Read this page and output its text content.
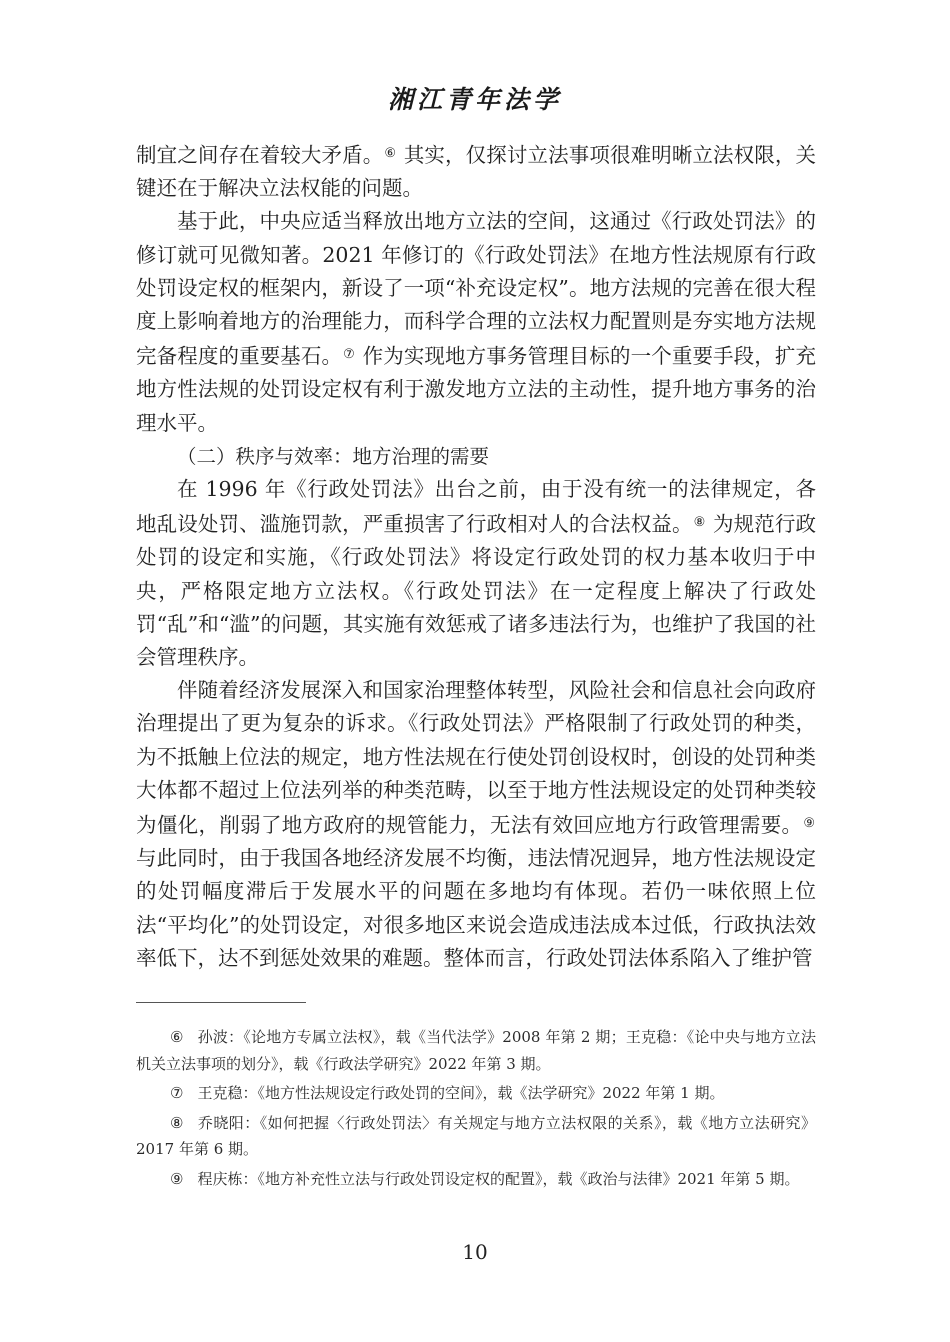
湘江青年法学

制宜之间存在着较大矛盾。⑥ 其实，仅探讨立法事项很难明晰立法权限，关键还在于解决立法权能的问题。

基于此，中央应适当释放出地方立法的空间，这通过《行政处罚法》的修订就可见微知著。2021 年修订的《行政处罚法》在地方性法规原有行政处罚设定权的框架内，新设了一项“补充设定权”。地方法规的完善在很大程度上影响着地方的治理能力，而科学合理的立法权力配置则是夯实地方法规完备程度的重要基石。⑦ 作为实现地方事务管理目标的一个重要手段，扩充地方性法规的处罚设定权有利于激发地方立法的主动性，提升地方事务的治理水平。

（二）秩序与效率：地方治理的需要

在 1996 年《行政处罚法》出台之前，由于没有统一的法律规定，各地乱设处罚、滥施罚款，严重损害了行政相对人的合法权益。⑧ 为规范行政处罚的设定和实施，《行政处罚法》将设定行政处罚的权力基本收归于中央，严格限定地方立法权。《行政处罚法》在一定程度上解决了行政处罚“乱”和“滥”的问题，其实施有效惩戒了诸多违法行为，也维护了我国的社会管理秩序。

伴随着经济发展深入和国家治理整体转型，风险社会和信息社会向政府治理提出了更为复杂的诉求。《行政处罚法》严格限制了行政处罚的种类，为不抵触上位法的规定，地方性法规在行使处罚创设权时，创设的处罚种类大体都不超过上位法列举的种类范畴，以至于地方性法规设定的处罚种类较为僵化，削弱了地方政府的规管能力，无法有效回应地方行政管理需要。⑨与此同时，由于我国各地经济发展不均衡，违法情况迥异，地方性法规设定的处罚幅度滞后于发展水平的问题在多地均有体现。若仍一味依照上位法“平均化”的处罚设定，对很多地区来说会造成违法成本过低，行政执法效率低下，达不到惩处效果的难题。整体而言，行政处罚法体系陷入了维护管

⑥ 孙波：《论地方专属立法权》，载《当代法学》2008 年第 2 期；王克稳：《论中央与地方立法机关立法事项的划分》，载《行政法学研究》2022 年第 3 期。

⑦ 王克稳：《地方性法规设定行政处罚的空间》，载《法学研究》2022 年第 1 期。

⑧ 乔晓阳：《如何把握〈行政处罚法〉有关规定与地方立法权限的关系》，载《地方立法研究》2017 年第 6 期。

⑨ 程庆栋：《地方补充性立法与行政处罚设定权的配置》，载《政治与法律》2021 年第 5 期。

10
